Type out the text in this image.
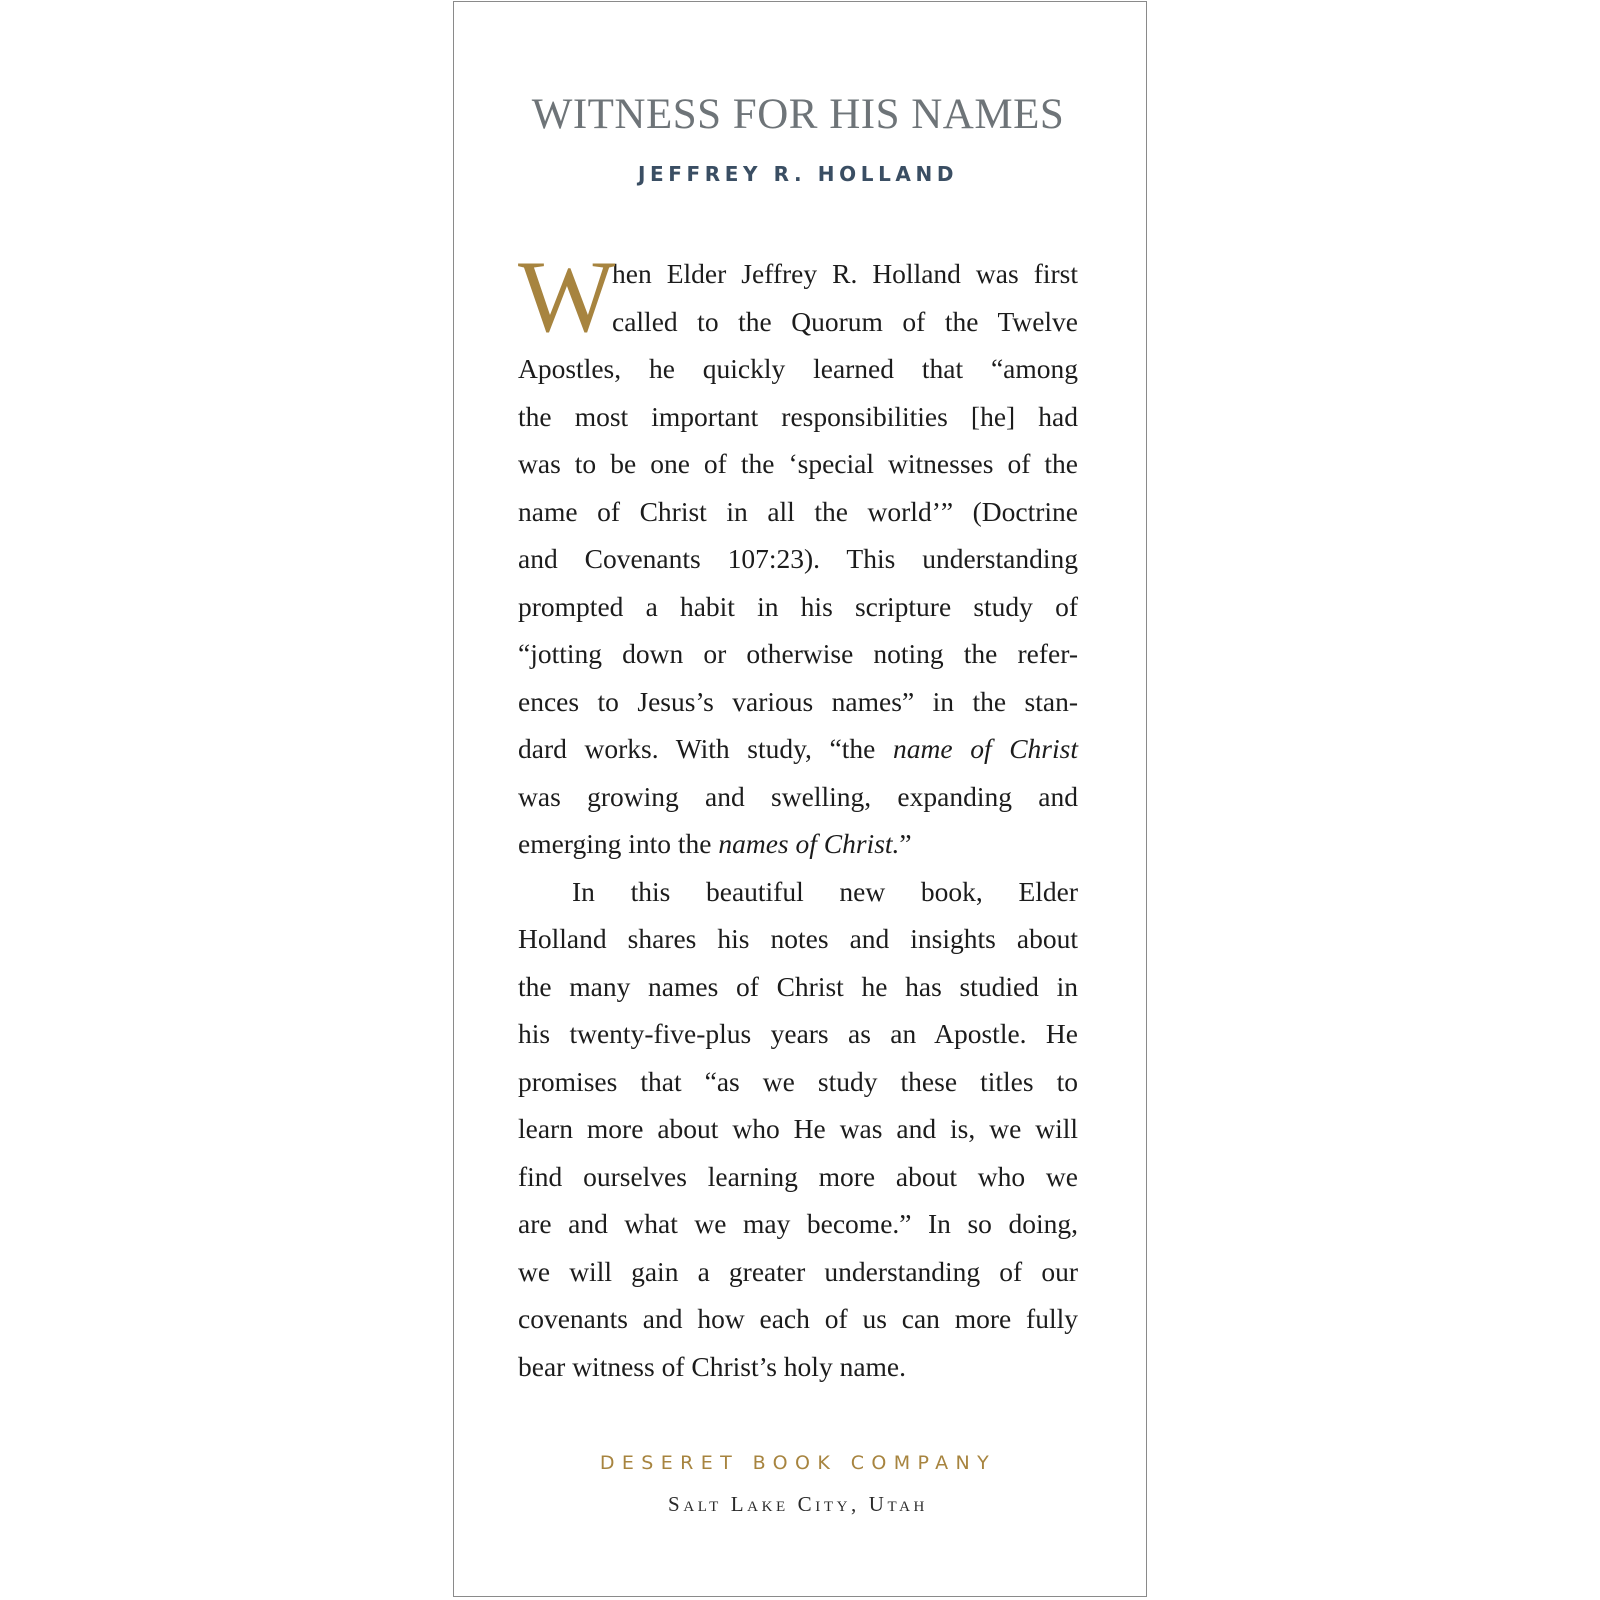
WITNESS FOR HIS NAMES
JEFFREY R. HOLLAND
W
hen Elder Jeffrey R. Holland was first
called to the Quorum of the Twelve
Apostles, he quickly learned that “among
the most important responsibilities [he] had
was to be one of the ‘special witnesses of the
name of Christ in all the world’” (Doctrine
and Covenants 107:23). This understanding
prompted a habit in his scripture study of
“jotting down or otherwise noting the refer-
ences to Jesus’s various names” in the stan-
dard works. With study, “the name of Christ
was growing and swelling, expanding and
emerging into the names of Christ.”
In this beautiful new book, Elder
Holland shares his notes and insights about
the many names of Christ he has studied in
his twenty-five-plus years as an Apostle. He
promises that “as we study these titles to
learn more about who He was and is, we will
find ourselves learning more about who we
are and what we may become.” In so doing,
we will gain a greater understanding of our
covenants and how each of us can more fully
bear witness of Christ’s holy name.
DESERET BOOK COMPANY
Salt Lake City, Utah
